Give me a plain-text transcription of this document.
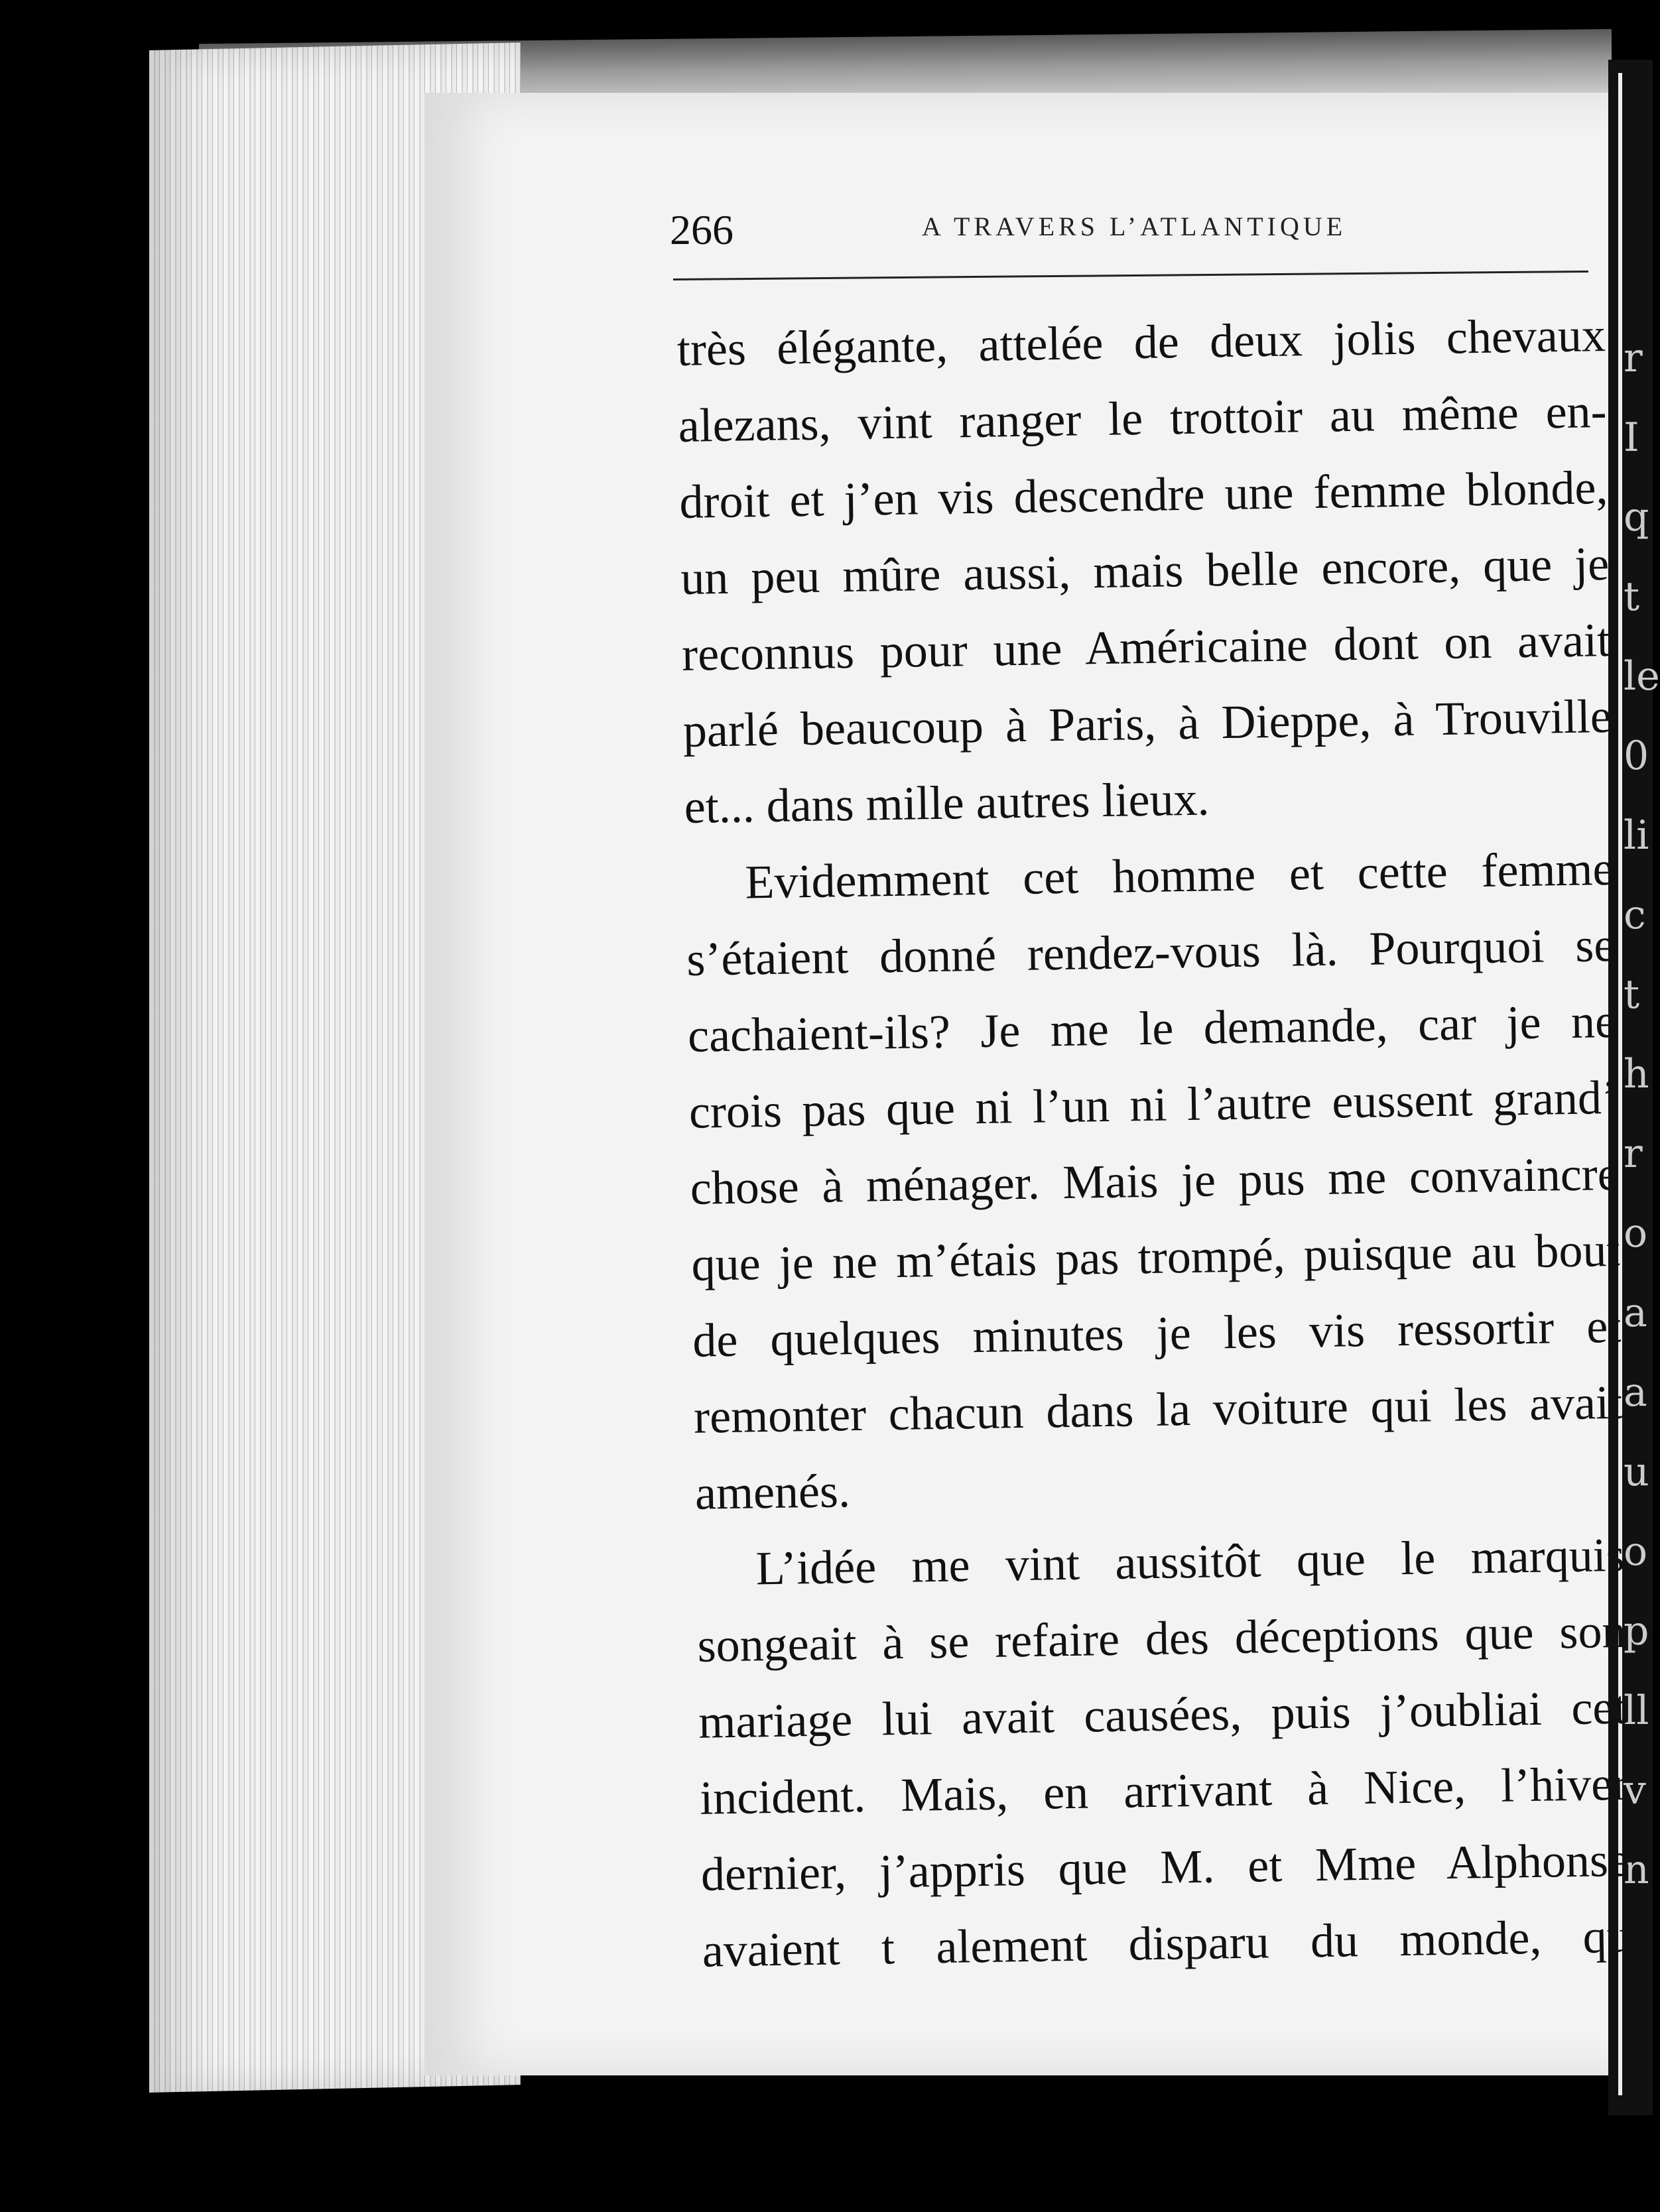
r
I
q
t
le
0
li
c
t
h
r
o
a
a
u
o
p
ll
v
n
266	A TRAVERS L’ATLANTIQUE
très élégante, attelée de deux jolis chevaux
alezans, vint ranger le trottoir au même en-
droit et j’en vis descendre une femme blonde,
un peu mûre aussi, mais belle encore, que je
reconnus pour une Américaine dont on avait
parlé beaucoup à Paris, à Dieppe, à Trouville
et... dans mille autres lieux.
Evidemment cet homme et cette femme
s’étaient donné rendez-vous là. Pourquoi se
cachaient-ils? Je me le demande, car je ne
crois pas que ni l’un ni l’autre eussent grand’
chose à ménager. Mais je pus me convaincre
que je ne m’étais pas trompé, puisque au bout
de quelques minutes je les vis ressortir et
remonter chacun dans la voiture qui les avait
amenés.
L’idée me vint aussitôt que le marquis
songeait à se refaire des déceptions que son
mariage lui avait causées, puis j’oubliai cet
incident. Mais, en arrivant à Nice, l’hiver
dernier, j’appris que M. et Mme Alphonse
avaient t alement disparu du monde, qu
